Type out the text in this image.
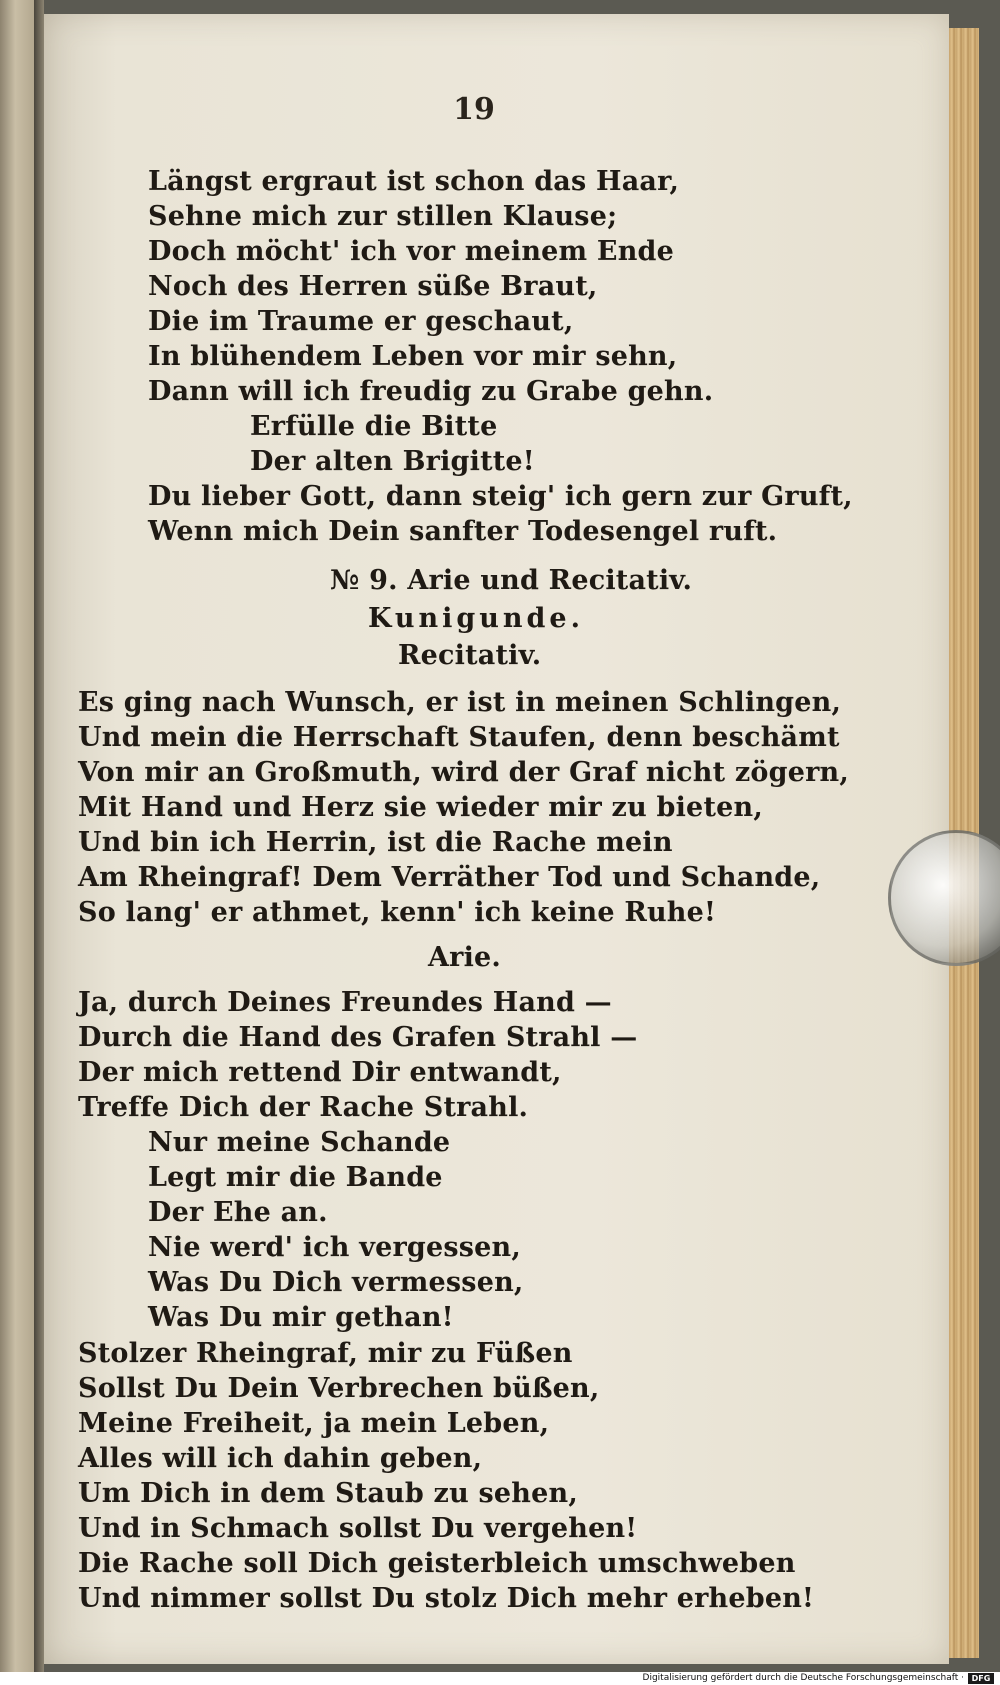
19
Längst ergraut ist schon das Haar,
Sehne mich zur stillen Klause;
Doch möcht' ich vor meinem Ende
Noch des Herren süße Braut,
Die im Traume er geschaut,
In blühendem Leben vor mir sehn,
Dann will ich freudig zu Grabe gehn.
Erfülle die Bitte
Der alten Brigitte!
Du lieber Gott, dann steig' ich gern zur Gruft,
Wenn mich Dein sanfter Todesengel ruft.
№ 9. Arie und Recitativ.
Kunigunde.
Recitativ.
Es ging nach Wunsch, er ist in meinen Schlingen,
Und mein die Herrschaft Staufen, denn beschämt
Von mir an Großmuth, wird der Graf nicht zögern,
Mit Hand und Herz sie wieder mir zu bieten,
Und bin ich Herrin, ist die Rache mein
Am Rheingraf! Dem Verräther Tod und Schande,
So lang' er athmet, kenn' ich keine Ruhe!
Arie.
Ja, durch Deines Freundes Hand —
Durch die Hand des Grafen Strahl —
Der mich rettend Dir entwandt,
Treffe Dich der Rache Strahl.
Nur meine Schande
Legt mir die Bande
Der Ehe an.
Nie werd' ich vergessen,
Was Du Dich vermessen,
Was Du mir gethan!
Stolzer Rheingraf, mir zu Füßen
Sollst Du Dein Verbrechen büßen,
Meine Freiheit, ja mein Leben,
Alles will ich dahin geben,
Um Dich in dem Staub zu sehen,
Und in Schmach sollst Du vergehen!
Die Rache soll Dich geisterbleich umschweben
Und nimmer sollst Du stolz Dich mehr erheben!
Digitalisierung gefördert durch die Deutsche Forschungsgemeinschaft · DFG
